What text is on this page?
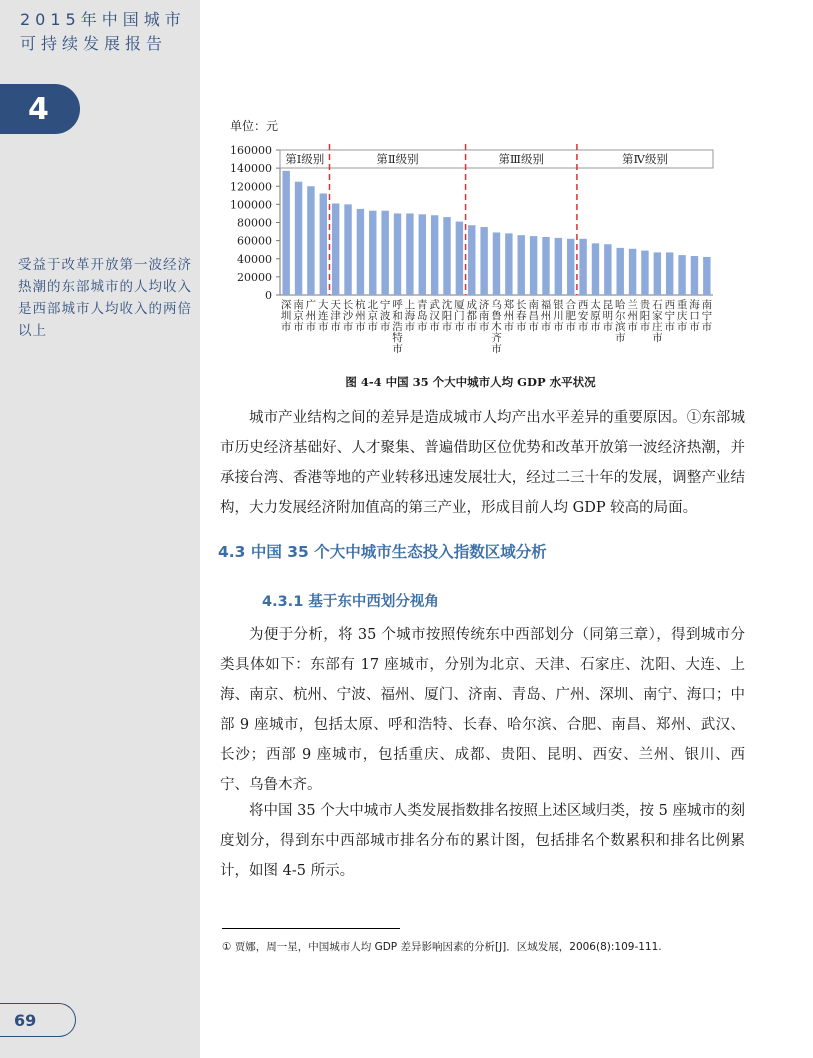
2015年中国城市
可持续发展报告
4
受益于改革开放第一波经济热潮的东部城市的人均收入是西部城市人均收入的两倍以上
69
单位：元
0
20000
40000
60000
80000
100000
120000
140000
160000
深圳市
南京市
广州市
大连市
天津市
长沙市
杭州市
北京市
宁波市
呼和浩特市
上海市
青岛市
武汉市
沈阳市
厦门市
成都市
济南市
乌鲁木齐市
郑州市
长春市
南昌市
福州市
银川市
合肥市
西安市
太原市
昆明市
哈尔滨市
兰州市
贵阳市
石家庄市
西宁市
重庆市
海口市
南宁市
第Ⅰ级别	第Ⅱ级别	第Ⅲ级别	第Ⅳ级别
图 4-4 中国 35 个大中城市人均 GDP 水平状况

城市产业结构之间的差异是造成城市人均产出水平差异的重要原因。①东部城市历史经济基础好、人才聚集、普遍借助区位优势和改革开放第一波经济热潮，并承接台湾、香港等地的产业转移迅速发展壮大，经过二三十年的发展，调整产业结构，大力发展经济附加值高的第三产业，形成目前人均 GDP 较高的局面。

4.3 中国 35 个大中城市生态投入指数区域分析
4.3.1 基于东中西划分视角

为便于分析，将 35 个城市按照传统东中西部划分（同第三章），得到城市分类具体如下：东部有 17 座城市，分别为北京、天津、石家庄、沈阳、大连、上海、南京、杭州、宁波、福州、厦门、济南、青岛、广州、深圳、南宁、海口；中部 9 座城市，包括太原、呼和浩特、长春、哈尔滨、合肥、南昌、郑州、武汉、长沙；西部 9 座城市，包括重庆、成都、贵阳、昆明、西安、兰州、银川、西宁、乌鲁木齐。

将中国 35 个大中城市人类发展指数排名按照上述区域归类，按 5 座城市的刻度划分，得到东中西部城市排名分布的累计图，包括排名个数累积和排名比例累计，如图 4-5 所示。

① 贾娜，周一星，中国城市人均 GDP 差异影响因素的分析[J]．区域发展，2006(8):109-111.
